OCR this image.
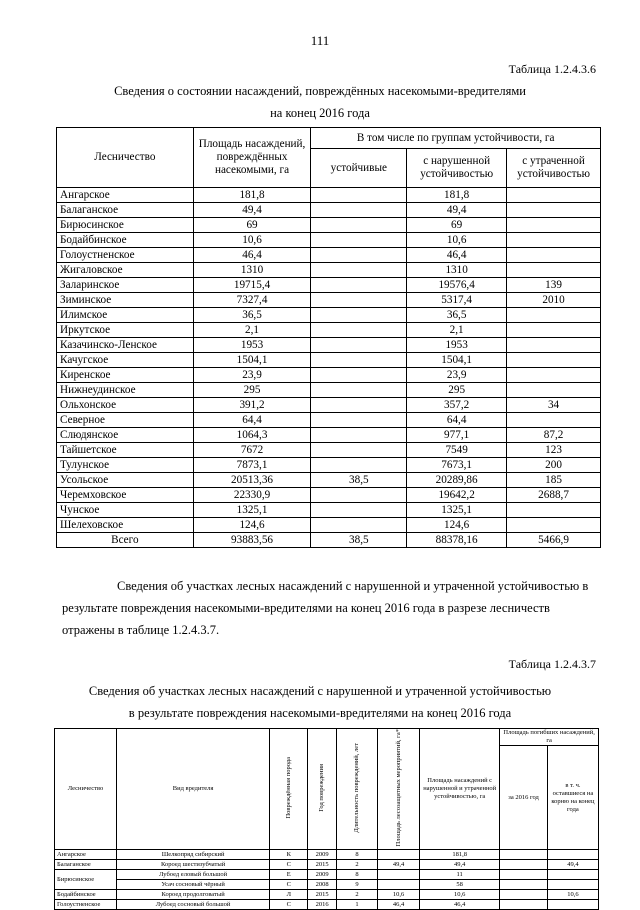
111
Таблица 1.2.4.3.6
Сведения о состоянии насаждений, повреждённых насекомыми-вредителями
на конец 2016 года
Лесничество	Площадь насаждений, повреждённых насекомыми, га	В том числе по группам устойчивости, га		
		устойчивые	с нарушенной устойчивостью	с утраченной устойчивостью
Ангарское	181,8		181,8	
Балаганское	49,4		49,4	
Бирюсинское	69		69	
Бодайбинское	10,6		10,6	
Голоустненское	46,4		46,4	
Жигаловское	1310		1310	
Заларинское	19715,4		19576,4	139
Зиминское	7327,4		5317,4	2010
Илимское	36,5		36,5	
Иркутское	2,1		2,1	
Казачинско-Ленское	1953		1953	
Качугское	1504,1		1504,1	
Киренское	23,9		23,9	
Нижнеудинское	295		295	
Ольхонское	391,2		357,2	34
Северное	64,4		64,4	
Слюдянское	1064,3		977,1	87,2
Тайшетское	7672		7549	123
Тулунское	7873,1		7673,1	200
Усольское	20513,36	38,5	20289,86	185
Черемховское	22330,9		19642,2	2688,7
Чунское	1325,1		1325,1	
Шелеховское	124,6		124,6	
Всего	93883,56	38,5	88378,16	5466,9
Сведения об участках лесных насаждений с нарушенной и утраченной устойчивостью в
результате повреждения насекомыми-вредителями на конец 2016 года в разрезе лесничеств
отражены в таблице 1.2.4.3.7.
Таблица 1.2.4.3.7
Сведения об участках лесных насаждений с нарушенной и утраченной устойчивостью
в результате повреждения насекомыми-вредителями на конец 2016 года
Лесничество	Вид вредителя	Повреждённая порода	Год повреждения	Длительность повреждений, лет	Площадь лесозащитных мероприятий, га*	Площадь насаждений с нарушенной и утраченной устойчивостью, га	Площадь погибших насаждений, га	
							за 2016 год	в т. ч. оставшиеся на корню на конец года
Ангарское	Шелкопряд сибирский	К	2009	8		181,8		
Балаганское	Короед шестизубчатый	С	2015	2	49,4	49,4		49,4
Бирюсинское	Лубоед еловый большой	Е	2009	8		11		
	Усач сосновый чёрный	С	2008	9		58		
Бодайбинское	Короед продолговатый	Л	2015	2	10,6	10,6		10,6
Голоустненское	Лубоед сосновый большой	С	2016	1	46,4	46,4		
